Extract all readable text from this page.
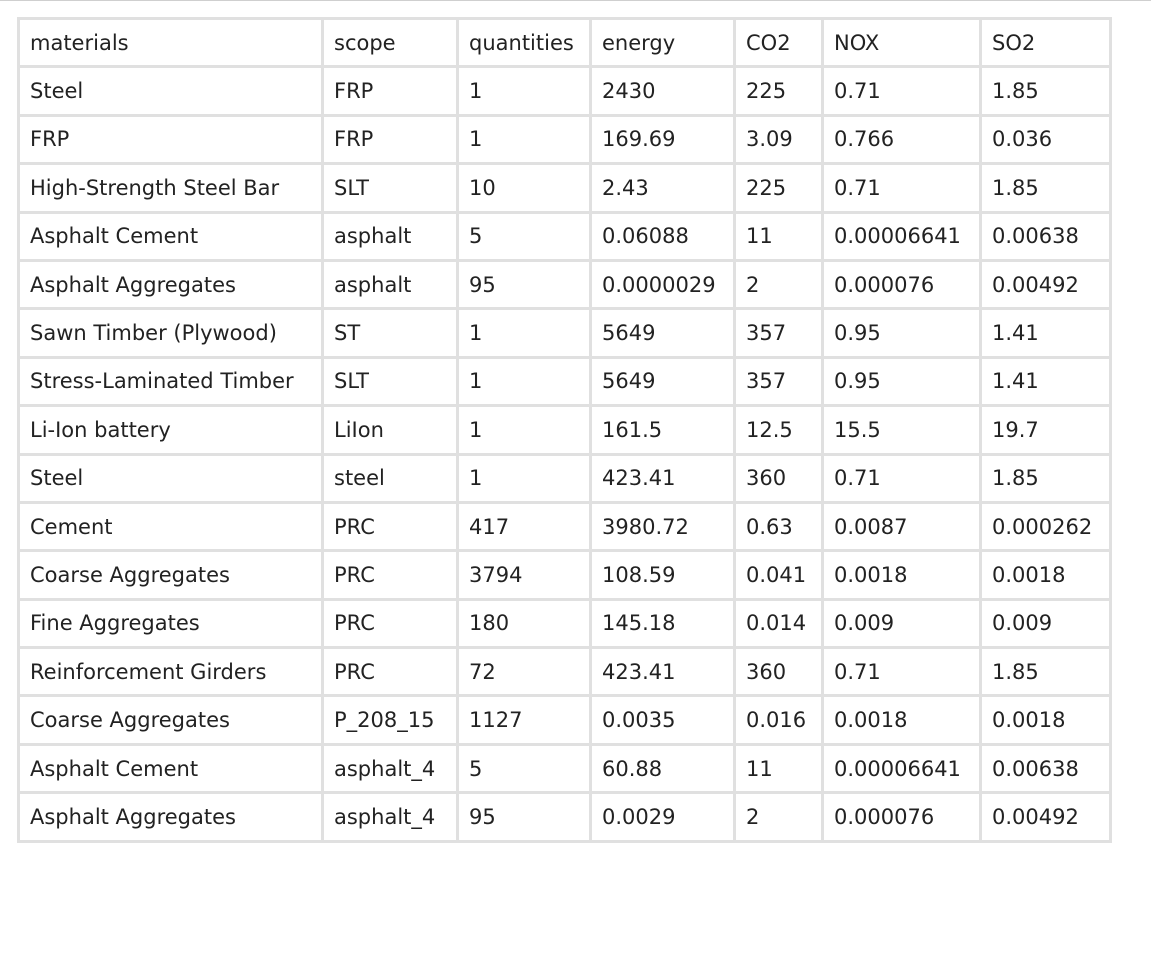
materials	scope	quantities	energy	CO2	NOX	SO2
Steel	FRP	1	2430	225	0.71	1.85
FRP	FRP	1	169.69	3.09	0.766	0.036
High-Strength Steel Bar	SLT	10	2.43	225	0.71	1.85
Asphalt Cement	asphalt	5	0.06088	11	0.00006641	0.00638
Asphalt Aggregates	asphalt	95	0.0000029	2	0.000076	0.00492
Sawn Timber (Plywood)	ST	1	5649	357	0.95	1.41
Stress-Laminated Timber	SLT	1	5649	357	0.95	1.41
Li-Ion battery	LiIon	1	161.5	12.5	15.5	19.7
Steel	steel	1	423.41	360	0.71	1.85
Cement	PRC	417	3980.72	0.63	0.0087	0.000262
Coarse Aggregates	PRC	3794	108.59	0.041	0.0018	0.0018
Fine Aggregates	PRC	180	145.18	0.014	0.009	0.009
Reinforcement Girders	PRC	72	423.41	360	0.71	1.85
Coarse Aggregates	P_208_15	1127	0.0035	0.016	0.0018	0.0018
Asphalt Cement	asphalt_4	5	60.88	11	0.00006641	0.00638
Asphalt Aggregates	asphalt_4	95	0.0029	2	0.000076	0.00492
